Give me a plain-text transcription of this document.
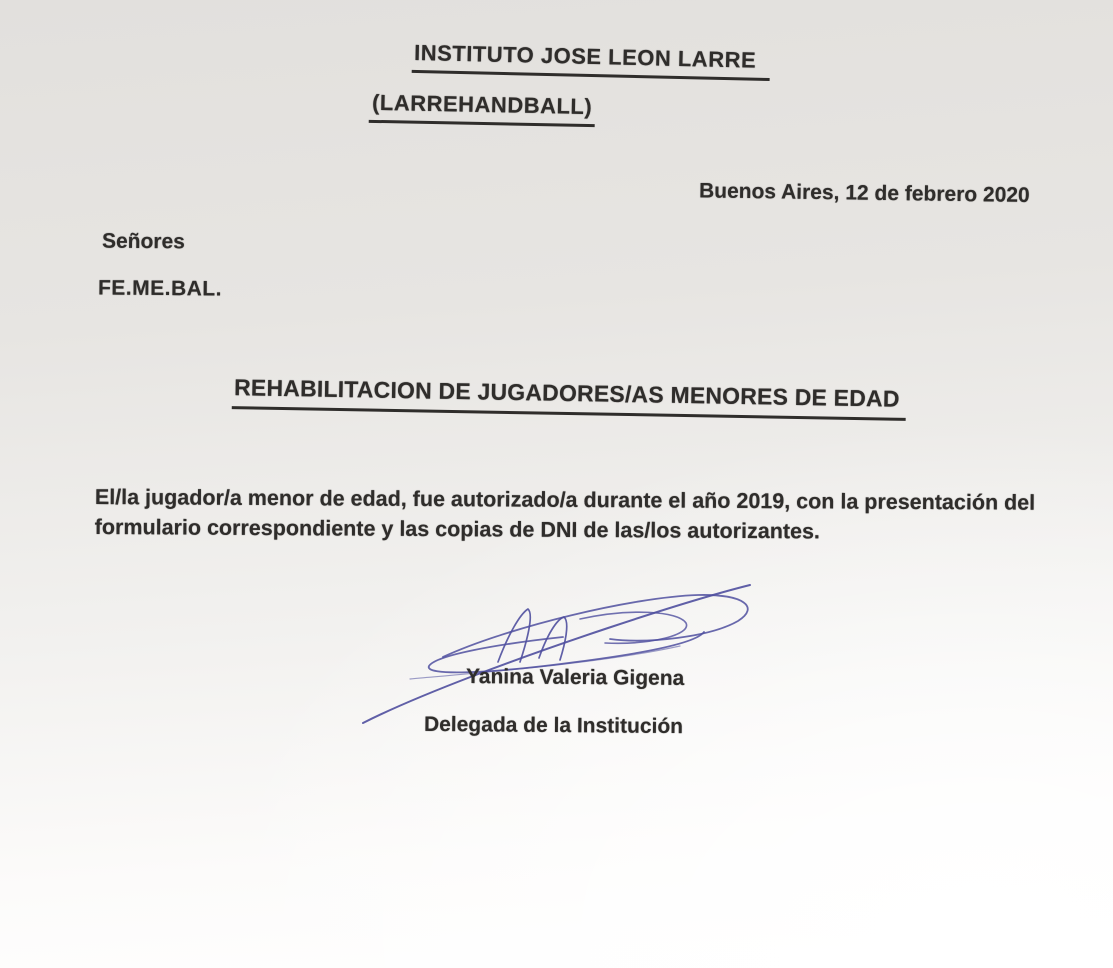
INSTITUTO JOSE LEON LARRE
(LARREHANDBALL)
Buenos Aires, 12 de febrero 2020
Señores
FE.ME.BAL.
REHABILITACION DE JUGADORES/AS MENORES DE EDAD
El/la jugador/a menor de edad, fue autorizado/a durante el año 2019, con la presentación del
formulario correspondiente y las copias de DNI de las/los autorizantes.
Yanina Valeria Gigena
Delegada de la Institución
